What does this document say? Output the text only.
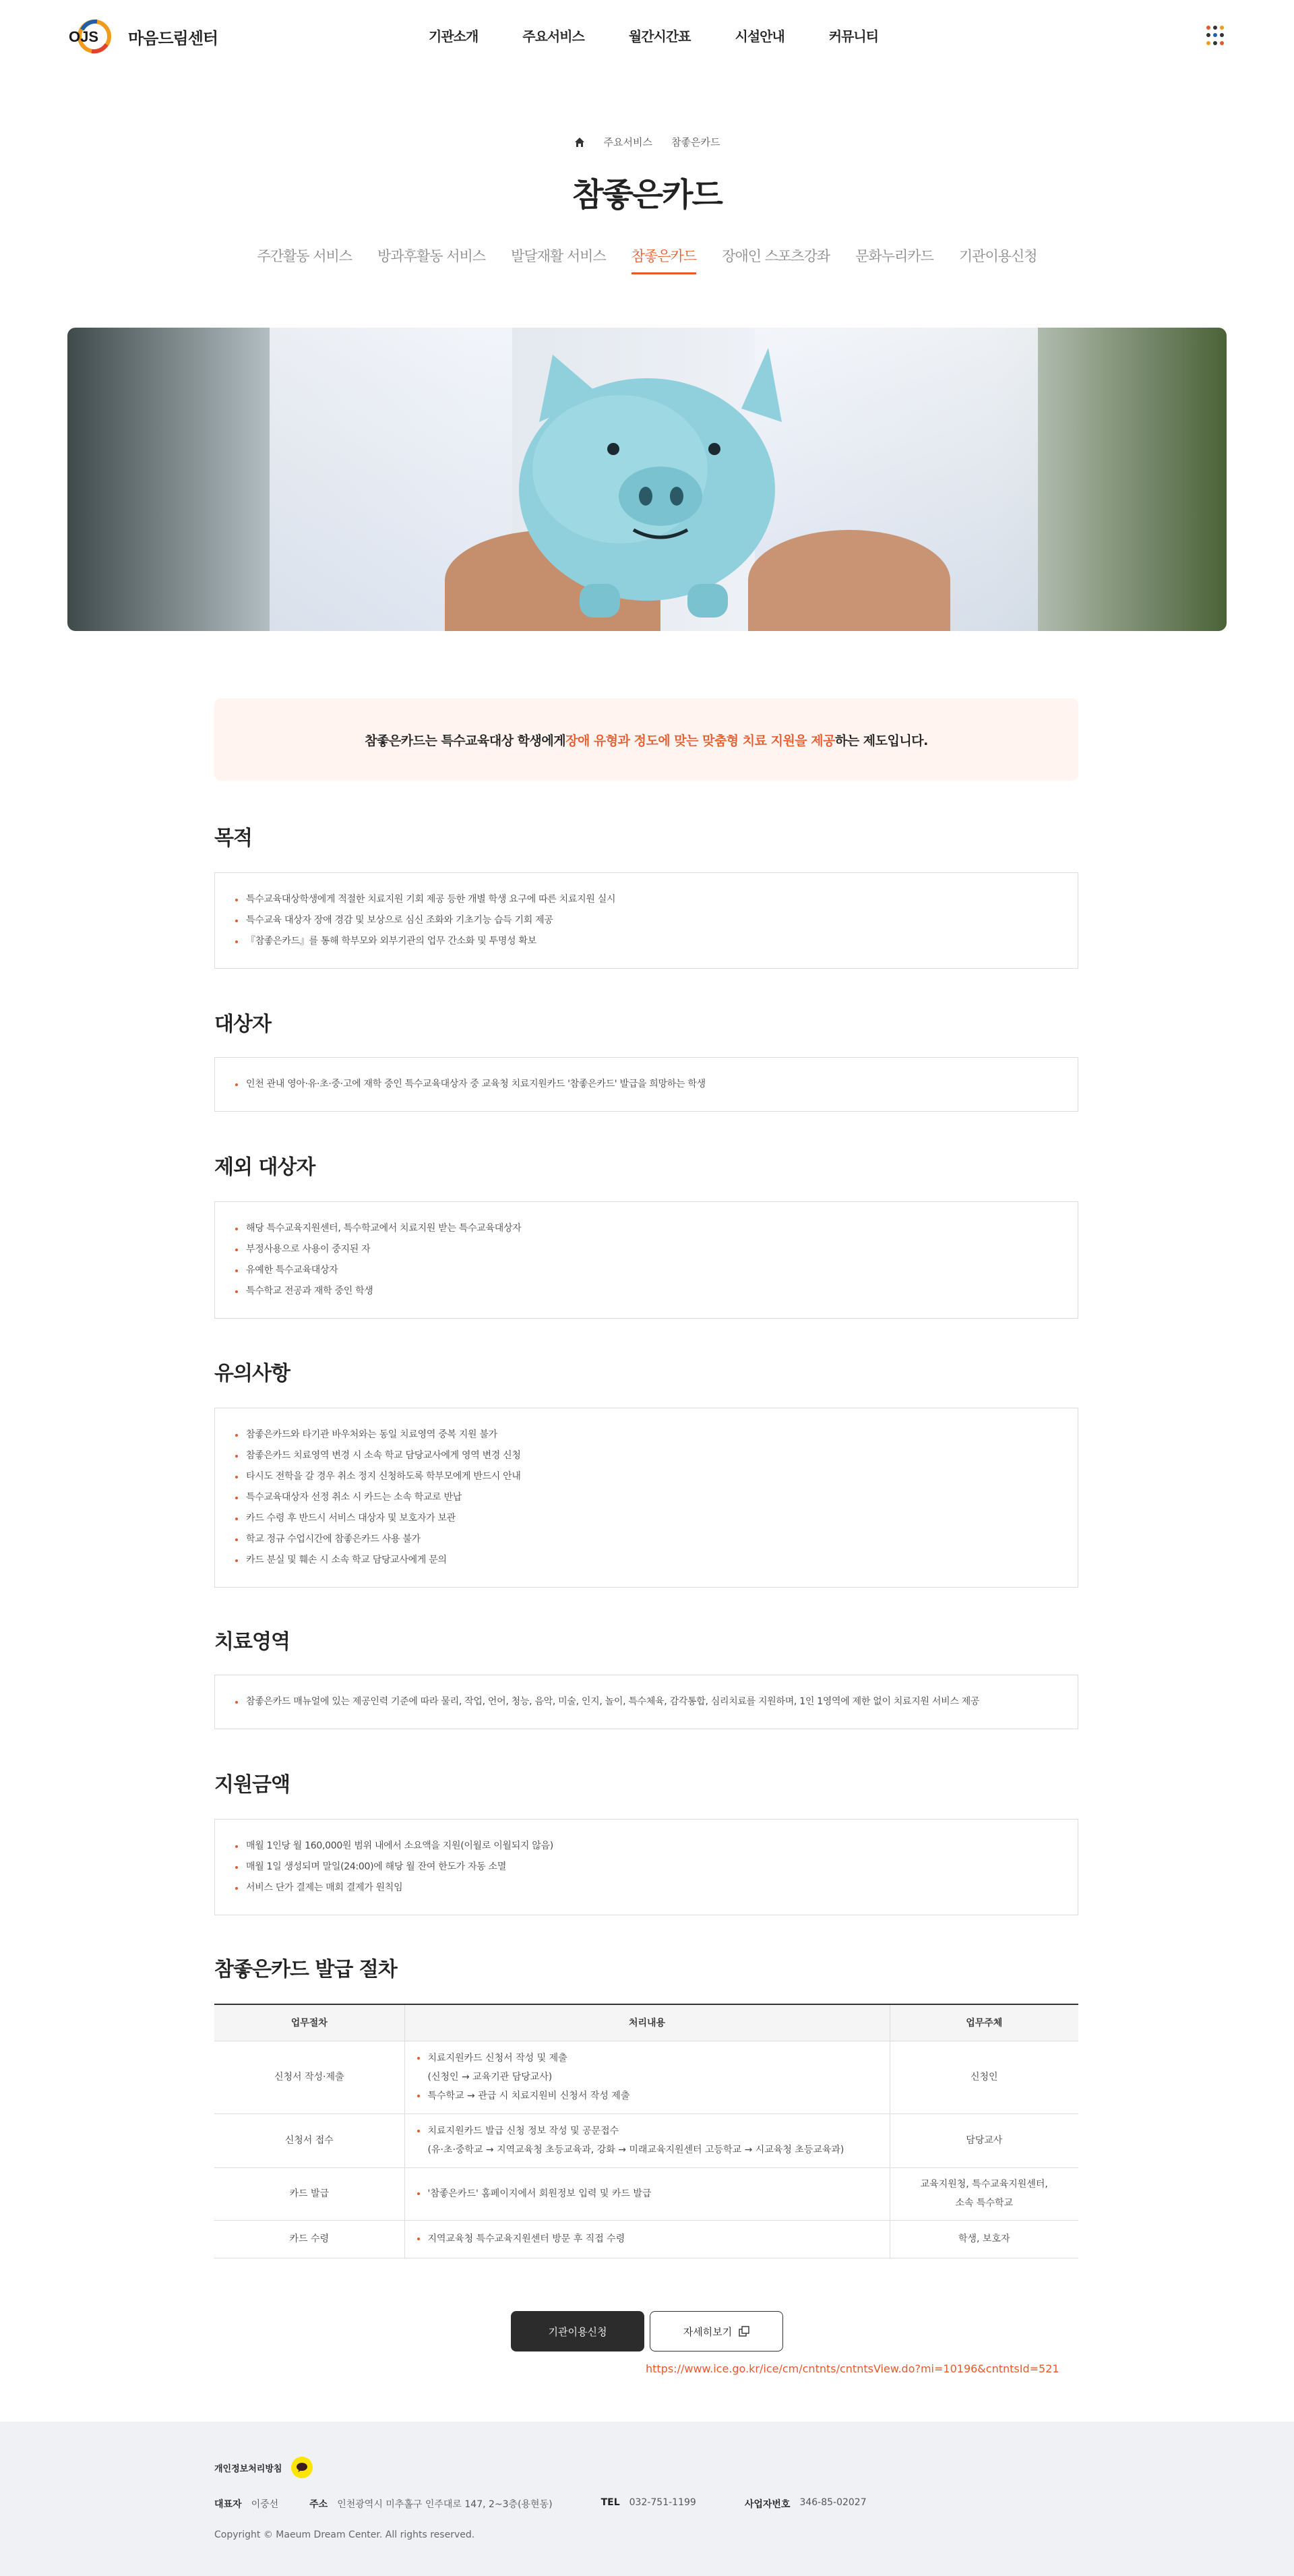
OJS 마음드림센터	기관소개	주요서비스	월간시간표	시설안내	커뮤니티
주요서비스 참좋은카드
참좋은카드
주간활동 서비스 방과후활동 서비스 발달재활 서비스 참좋은카드 장애인 스포츠강좌 문화누리카드 기관이용신청
참좋은카드는 특수교육대상 학생에게 장애 유형과 정도에 맞는 맞춤형 치료 지원을 제공 하는 제도입니다.
목적
특수교육대상학생에게 적절한 치료지원 기회 제공 등한 개별 학생 요구에 따른 치료지원 실시
특수교육 대상자 장애 경감 및 보상으로 심신 조화와 기초기능 습득 기회 제공
『참좋은카드』를 통해 학부모와 외부기관의 업무 간소화 및 투명성 확보
대상자
인천 관내 영아·유·초·중·고에 재학 중인 특수교육대상자 중 교육청 치료지원카드 '참좋은카드' 발급을 희망하는 학생
제외 대상자
해당 특수교육지원센터, 특수학교에서 치료지원 받는 특수교육대상자
부정사용으로 사용이 중지된 자
유예한 특수교육대상자
특수학교 전공과 재학 중인 학생
유의사항
참좋은카드와 타기관 바우처와는 동일 치료영역 중복 지원 불가
참좋은카드 치료영역 변경 시 소속 학교 담당교사에게 영역 변경 신청
타시도 전학을 갈 경우 취소 정지 신청하도록 학부모에게 반드시 안내
특수교육대상자 선정 취소 시 카드는 소속 학교로 반납
카드 수령 후 반드시 서비스 대상자 및 보호자가 보관
학교 정규 수업시간에 참좋은카드 사용 불가
카드 분실 및 훼손 시 소속 학교 담당교사에게 문의
치료영역
참좋은카드 매뉴얼에 있는 제공인력 기준에 따라 물리, 작업, 언어, 청능, 음악, 미술, 인지, 놀이, 특수체육, 감각통합, 심리치료를 지원하며, 1인 1영역에 제한 없이 치료지원 서비스 제공
지원금액
매월 1인당 월 160,000원 범위 내에서 소요액을 지원(이월로 이월되지 않음)
매월 1일 생성되며 말일(24:00)에 해당 월 잔여 한도가 자동 소멸
서비스 단가 결제는 매회 결제가 원칙임
참좋은카드 발급 절차
업무절차	처리내용	업무주체
신청서 작성·제출	치료지원카드 신청서 작성 및 제출
(신청인 → 교육기관 담당교사)
특수학교 → 관급 시 치료지원비 신청서 작성 제출	신청인
신청서 접수	치료지원카드 발급 신청 정보 작성 및 공문접수
(유·초·중학교 → 지역교육청 초등교육과, 강화 → 미래교육지원센터 고등학교 → 시교육청 초등교육과)	담당교사
카드 발급	'참좋은카드' 홈페이지에서 회원정보 입력 및 카드 발급	교육지원청, 특수교육지원센터,
소속 특수학교

카드 수령	지역교육청 특수교육지원센터 방문 후 직접 수령	학생, 보호자
기관이용신청	자세히보기
https://www.ice.go.kr/ice/cm/cntnts/cntntsView.do?mi=10196&cntntsId=521
개인정보처리방침
대표자 이중선	주소 인천광역시 미추홀구 인주대로 147, 2~3층(용현동)	TEL 032-751-1199	사업자번호 346-85-02027
Copyright © Maeum Dream Center. All rights reserved.
